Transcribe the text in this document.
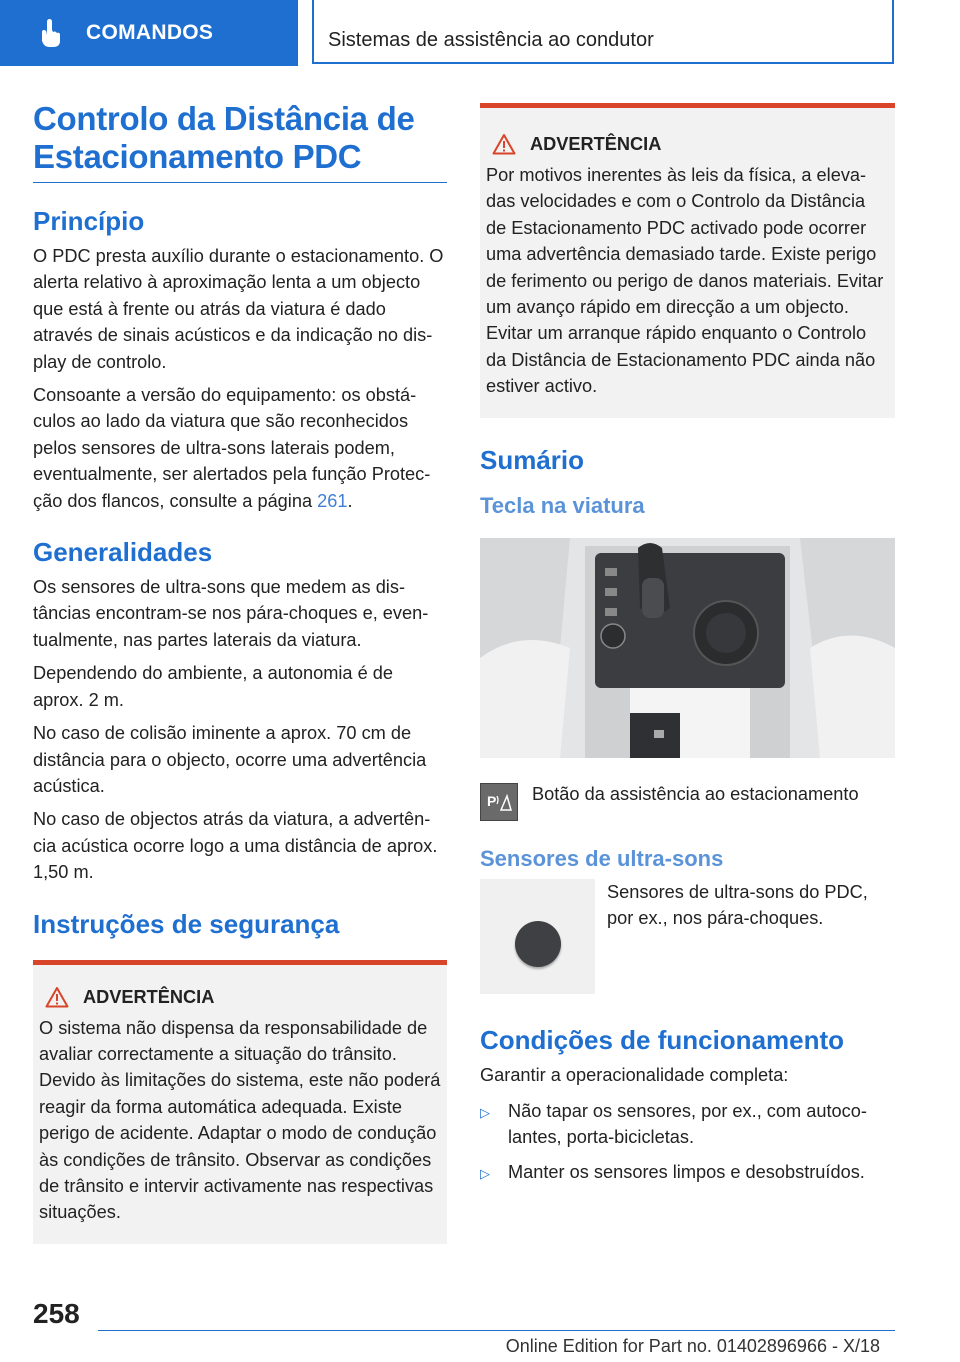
COMANDOS	Sistemas de assistência ao condutor
Controlo da Distância de
Estacionamento PDC
Princípio

O PDC presta auxílio durante o estacionamento. O alerta relativo à aproximação lenta a um objecto que está à frente ou atrás da viatura é dado através de sinais acústicos e da indicação no display de controlo.

Consoante a versão do equipamento: os obstáculos ao lado da viatura que são reconhecidos pelos sensores de ultra-sons laterais podem, eventualmente, ser alertados pela função Protecção dos flancos, consulte a página 261.

Generalidades

Os sensores de ultra-sons que medem as distâncias encontram-se nos pára-choques e, eventualmente, nas partes laterais da viatura.

Dependendo do ambiente, a autonomia é de aprox. 2 m.

No caso de colisão iminente a aprox. 70 cm de distância para o objecto, ocorre uma advertência acústica.

No caso de objectos atrás da viatura, a advertência acústica ocorre logo a uma distância de aprox. 1,50 m.

Instruções de segurança
ADVERTÊNCIA

O sistema não dispensa da responsabilidade de avaliar correctamente a situação do trânsito. Devido às limitações do sistema, este não poderá reagir da forma automática adequada. Existe perigo de acidente. Adaptar o modo de condução às condições de trânsito. Observar as condições de trânsito e intervir activamente nas respectivas situações.

ADVERTÊNCIA

Por motivos inerentes às leis da física, a elevadas velocidades e com o Controlo da Distância de Estacionamento PDC activado pode ocorrer uma advertência demasiado tarde. Existe perigo de ferimento ou perigo de danos materiais. Evitar um avanço rápido em direcção a um objecto. Evitar um arranque rápido enquanto o Controlo da Distância de Estacionamento PDC ainda não estiver activo.

Sumário
Tecla na viatura
P Botão da assistência ao estacionamento

Sensores de ultra-sons

Sensores de ultra-sons do PDC, por ex., nos pára-choques.

Condições de funcionamento

Garantir a operacionalidade completa:

▷ Não tapar os sensores, por ex., com autocolantes, porta-bicicletas.
▷ Manter os sensores limpos e desobstruídos.
258
Online Edition for Part no. 01402896966 - X/18
